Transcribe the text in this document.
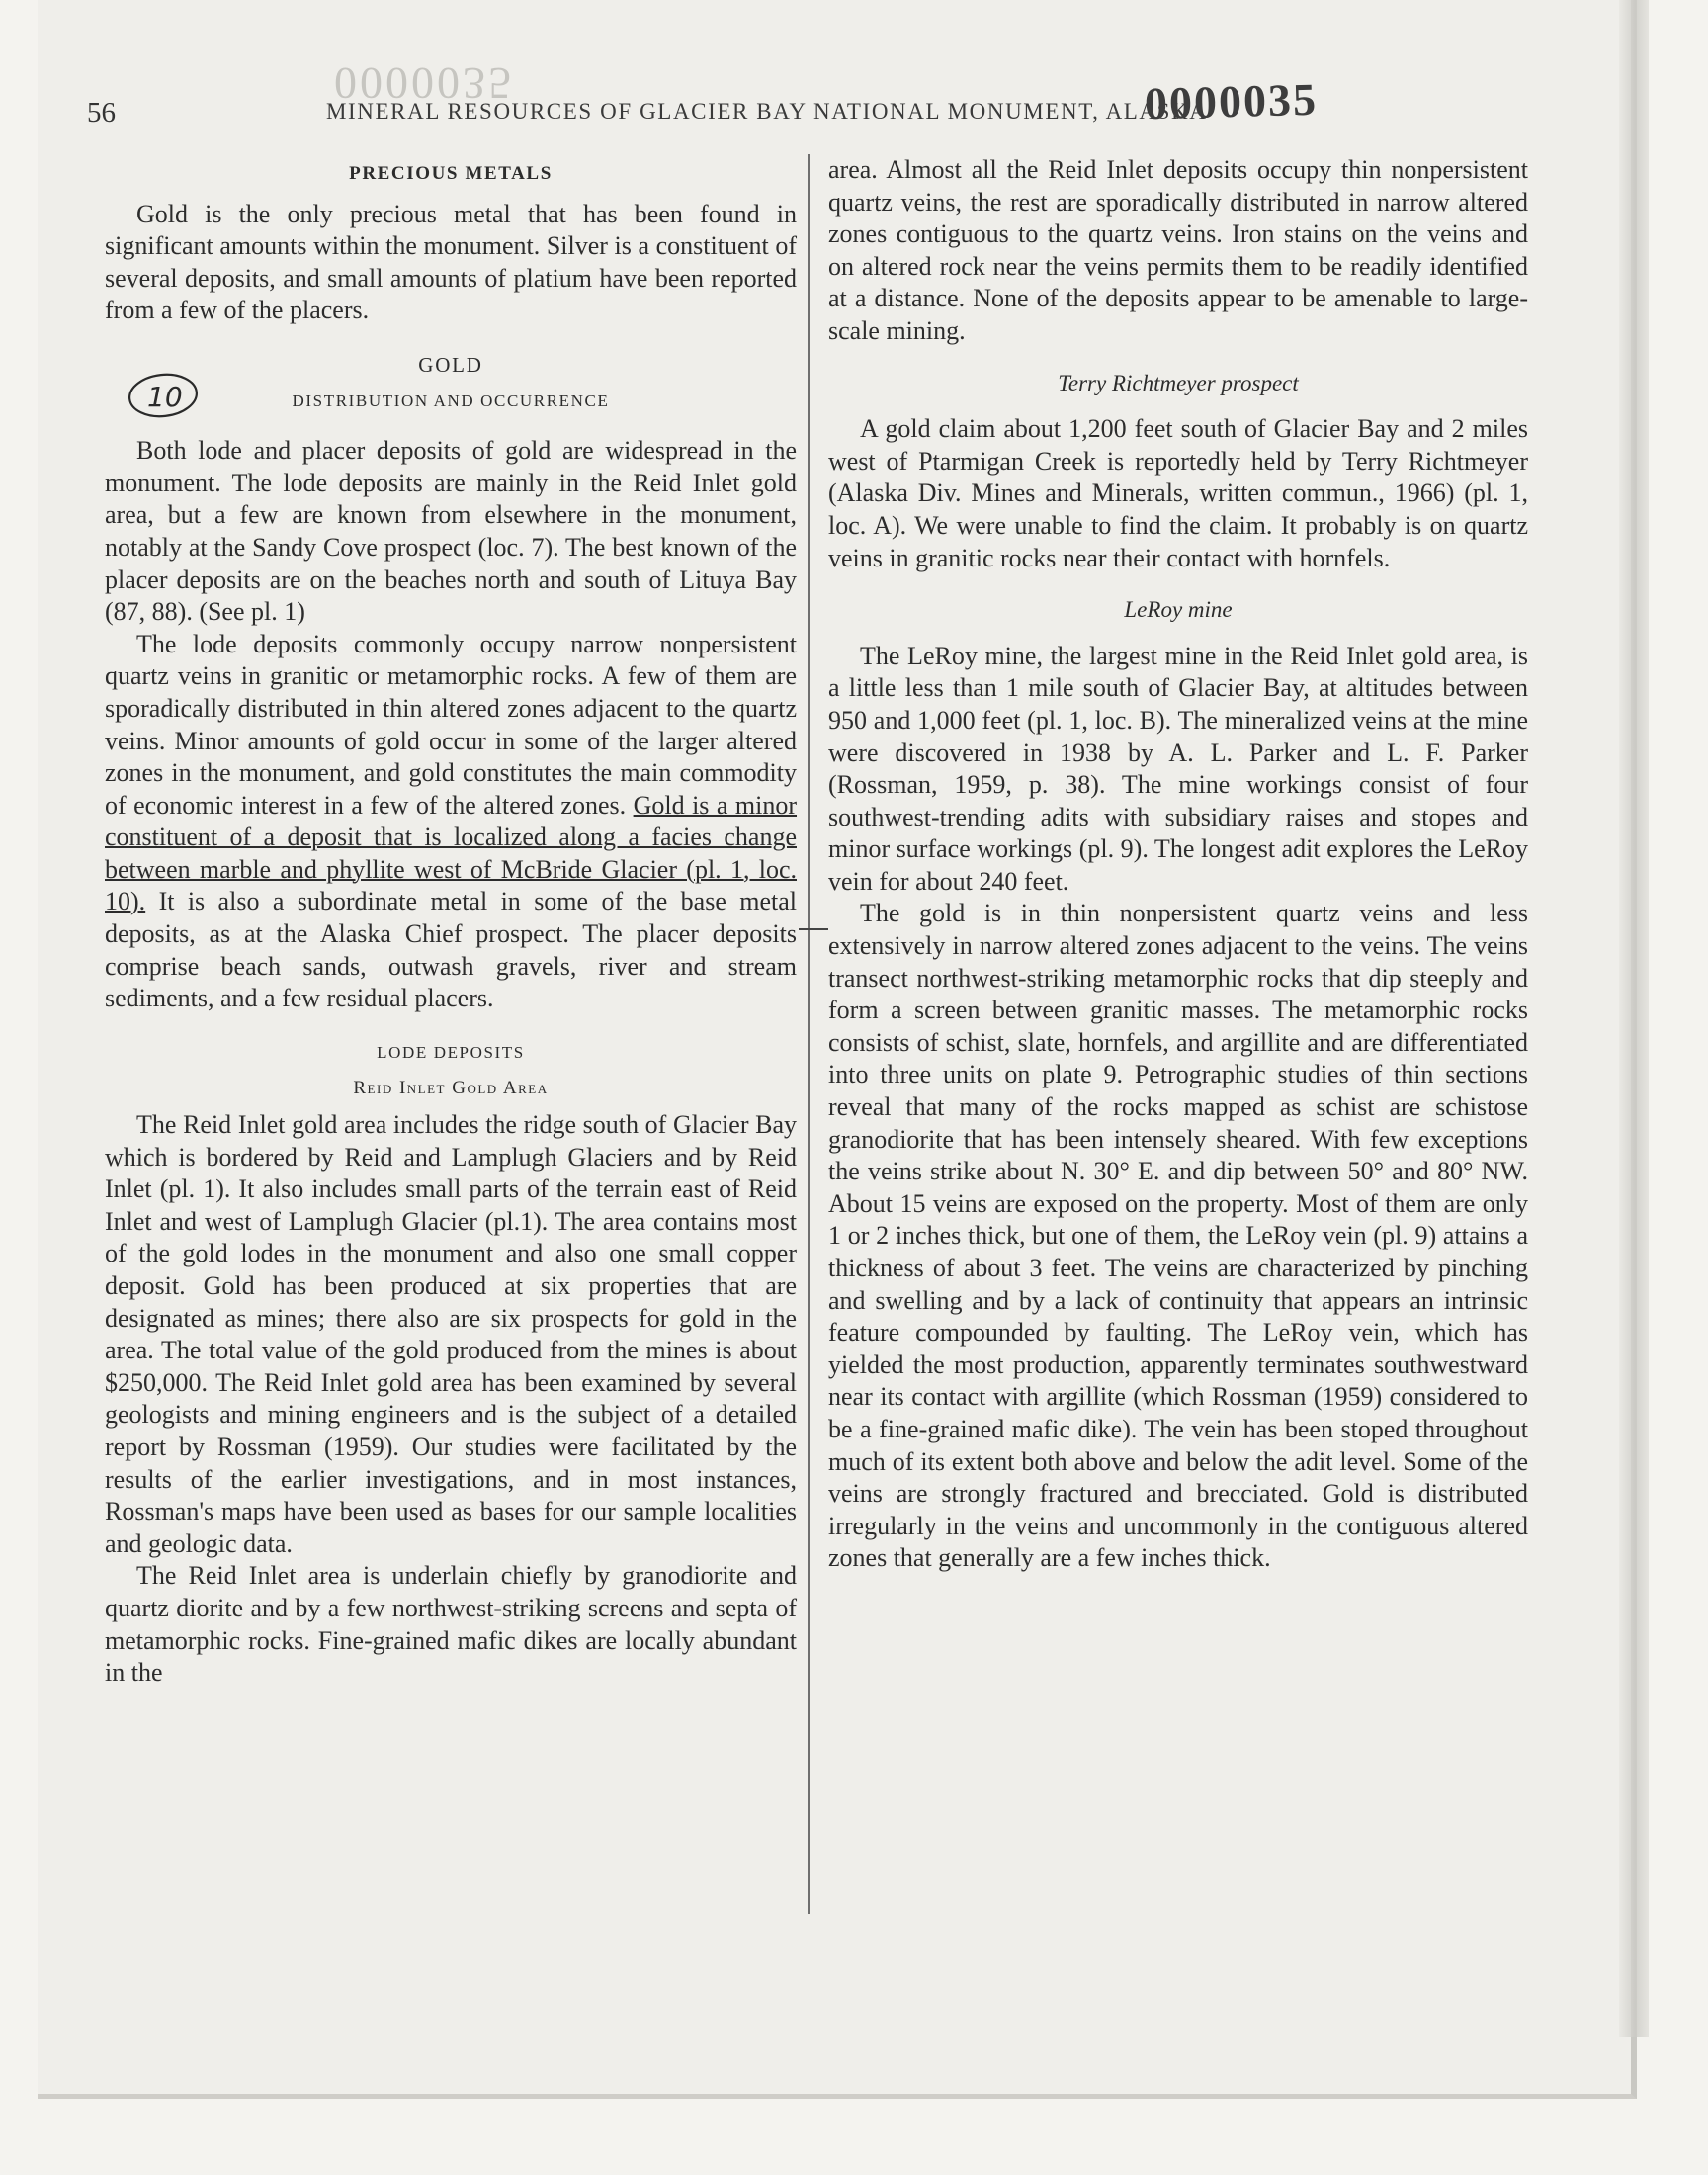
0000035
56	MINERAL RESOURCES OF GLACIER BAY NATIONAL MONUMENT, ALASKA
0000035
10
PRECIOUS METALS

Gold is the only precious metal that has been found in significant amounts within the monument. Silver is a constituent of several deposits, and small amounts of platium have been reported from a few of the placers.

GOLD
DISTRIBUTION AND OCCURRENCE

Both lode and placer deposits of gold are widespread in the monument. The lode deposits are mainly in the Reid Inlet gold area, but a few are known from elsewhere in the monument, notably at the Sandy Cove prospect (loc. 7). The best known of the placer deposits are on the beaches north and south of Lituya Bay (87, 88). (See pl. 1)

The lode deposits commonly occupy narrow nonpersistent quartz veins in granitic or metamorphic rocks. A few of them are sporadically distributed in thin altered zones adjacent to the quartz veins. Minor amounts of gold occur in some of the larger altered zones in the monument, and gold constitutes the main commodity of economic interest in a few of the altered zones. Gold is a minor constituent of a deposit that is localized along a facies change between marble and phyllite west of McBride Glacier (pl. 1, loc. 10). It is also a subordinate metal in some of the base metal deposits, as at the Alaska Chief prospect. The placer deposits comprise beach sands, outwash gravels, river and stream sediments, and a few residual placers.

LODE DEPOSITS
Reid Inlet Gold Area

The Reid Inlet gold area includes the ridge south of Glacier Bay which is bordered by Reid and Lamplugh Glaciers and by Reid Inlet (pl. 1). It also includes small parts of the terrain east of Reid Inlet and west of Lamplugh Glacier (pl.1). The area contains most of the gold lodes in the monument and also one small copper deposit. Gold has been produced at six properties that are designated as mines; there also are six prospects for gold in the area. The total value of the gold produced from the mines is about $250,000. The Reid Inlet gold area has been examined by several geologists and mining engineers and is the subject of a detailed report by Rossman (1959). Our studies were facilitated by the results of the earlier investigations, and in most instances, Rossman's maps have been used as bases for our sample localities and geologic data.

The Reid Inlet area is underlain chiefly by granodiorite and quartz diorite and by a few northwest-striking screens and septa of metamorphic rocks. Fine-grained mafic dikes are locally abundant in the

area. Almost all the Reid Inlet deposits occupy thin nonpersistent quartz veins, the rest are sporadically distributed in narrow altered zones contiguous to the quartz veins. Iron stains on the veins and on altered rock near the veins permits them to be readily identified at a distance. None of the deposits appear to be amenable to large-scale mining.

Terry Richtmeyer prospect

A gold claim about 1,200 feet south of Glacier Bay and 2 miles west of Ptarmigan Creek is reportedly held by Terry Richtmeyer (Alaska Div. Mines and Minerals, written commun., 1966) (pl. 1, loc. A). We were unable to find the claim. It probably is on quartz veins in granitic rocks near their contact with hornfels.

LeRoy mine

The LeRoy mine, the largest mine in the Reid Inlet gold area, is a little less than 1 mile south of Glacier Bay, at altitudes between 950 and 1,000 feet (pl. 1, loc. B). The mineralized veins at the mine were discovered in 1938 by A. L. Parker and L. F. Parker (Rossman, 1959, p. 38). The mine workings consist of four southwest-trending adits with subsidiary raises and stopes and minor surface workings (pl. 9). The longest adit explores the LeRoy vein for about 240 feet.

The gold is in thin nonpersistent quartz veins and less extensively in narrow altered zones adjacent to the veins. The veins transect northwest-striking metamorphic rocks that dip steeply and form a screen between granitic masses. The metamorphic rocks consists of schist, slate, hornfels, and argillite and are differentiated into three units on plate 9. Petrographic studies of thin sections reveal that many of the rocks mapped as schist are schistose granodiorite that has been intensely sheared. With few exceptions the veins strike about N. 30° E. and dip between 50° and 80° NW. About 15 veins are exposed on the property. Most of them are only 1 or 2 inches thick, but one of them, the LeRoy vein (pl. 9) attains a thickness of about 3 feet. The veins are characterized by pinching and swelling and by a lack of continuity that appears an intrinsic feature compounded by faulting. The LeRoy vein, which has yielded the most production, apparently terminates southwestward near its contact with argillite (which Rossman (1959) considered to be a fine-grained mafic dike). The vein has been stoped throughout much of its extent both above and below the adit level. Some of the veins are strongly fractured and brecciated. Gold is distributed irregularly in the veins and uncommonly in the contiguous altered zones that generally are a few inches thick.
